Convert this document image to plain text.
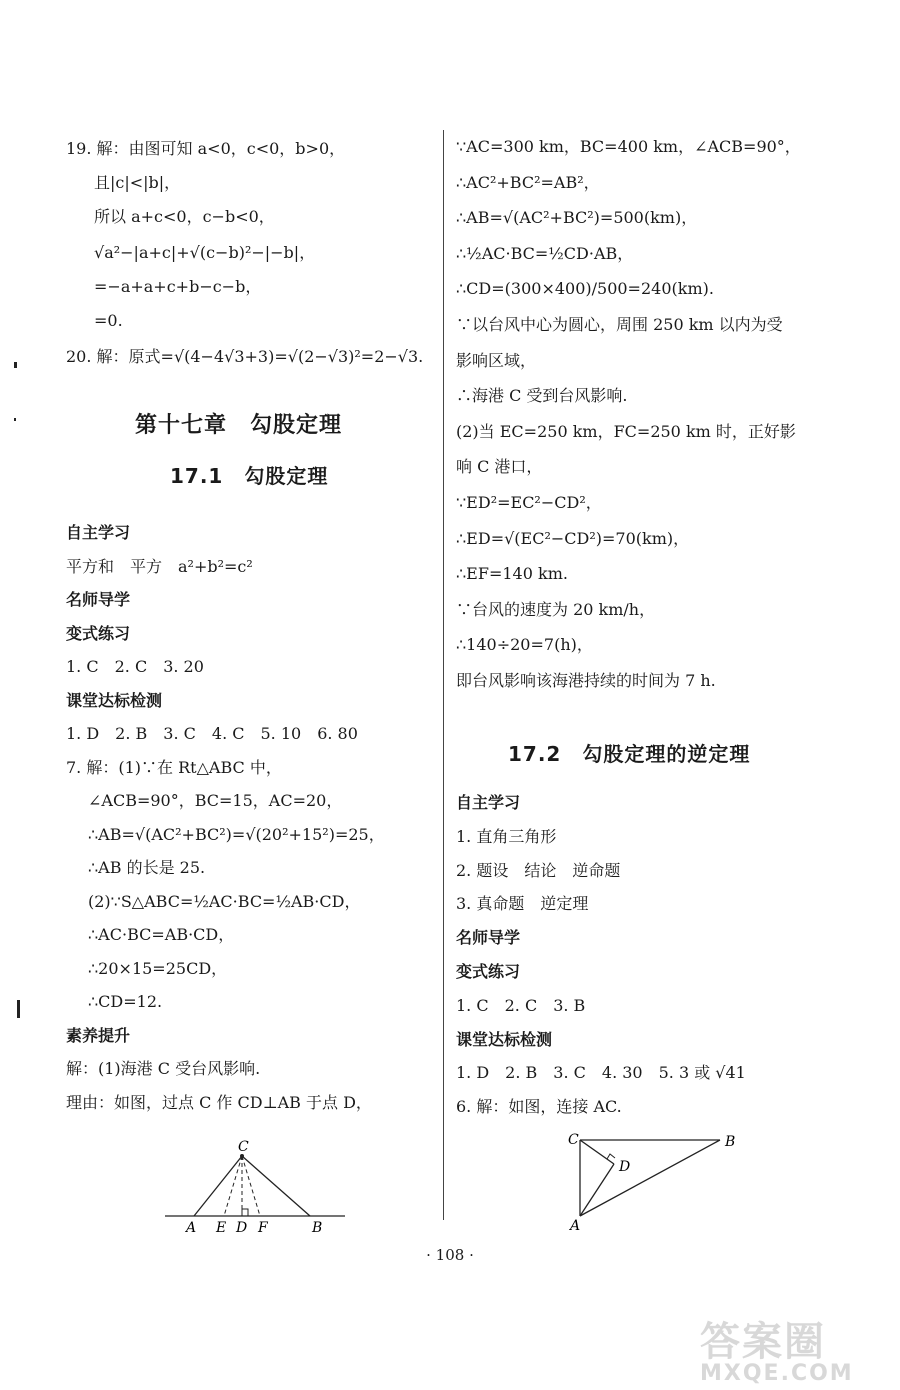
19. 解：由图可知 a<0，c<0，b>0，
且|c|<|b|，
所以 a+c<0，c−b<0，
√a²−|a+c|+√(c−b)²−|−b|，
=−a+a+c+b−c−b，
=0.
20. 解：原式=√(4−4√3+3)=√(2−√3)²=2−√3.
第十七章　勾股定理
17.1　勾股定理
自主学习
平方和　平方　a²+b²=c²
名师导学
变式练习
1. C　2. C　3. 20
课堂达标检测
1. D　2. B　3. C　4. C　5. 10　6. 80
7. 解：(1)∵在 Rt△ABC 中，
∠ACB=90°，BC=15，AC=20，
∴AB=√(AC²+BC²)=√(20²+15²)=25，
∴AB 的长是 25.
(2)∵S△ABC=½AC·BC=½AB·CD，
∴AC·BC=AB·CD，
∴20×15=25CD，
∴CD=12.
素养提升
解：(1)海港 C 受台风影响.
理由：如图，过点 C 作 CD⊥AB 于点 D，
C
A E D F	B
∵AC=300 km，BC=400 km，∠ACB=90°，
∴AC²+BC²=AB²，
∴AB=√(AC²+BC²)=500(km)，
∴½AC·BC=½CD·AB，
∴CD=(300×400)/500=240(km).
∵以台风中心为圆心，周围 250 km 以内为受
影响区域，
∴海港 C 受到台风影响.
(2)当 EC=250 km，FC=250 km 时，正好影
响 C 港口，
∵ED²=EC²−CD²，
∴ED=√(EC²−CD²)=70(km)，
∴EF=140 km.
∵台风的速度为 20 km/h，
∴140÷20=7(h)，
即台风影响该海港持续的时间为 7 h.
17.2　勾股定理的逆定理
自主学习
1. 直角三角形
2. 题设　结论　逆命题
3. 真命题　逆定理
名师导学
变式练习
1. C　2. C　3. B
课堂达标检测
1. D　2. B　3. C　4. 30　5. 3 或 √41
6. 解：如图，连接 AC.
C	B
D
A
· 108 ·
答案圈
MXQE.COM
